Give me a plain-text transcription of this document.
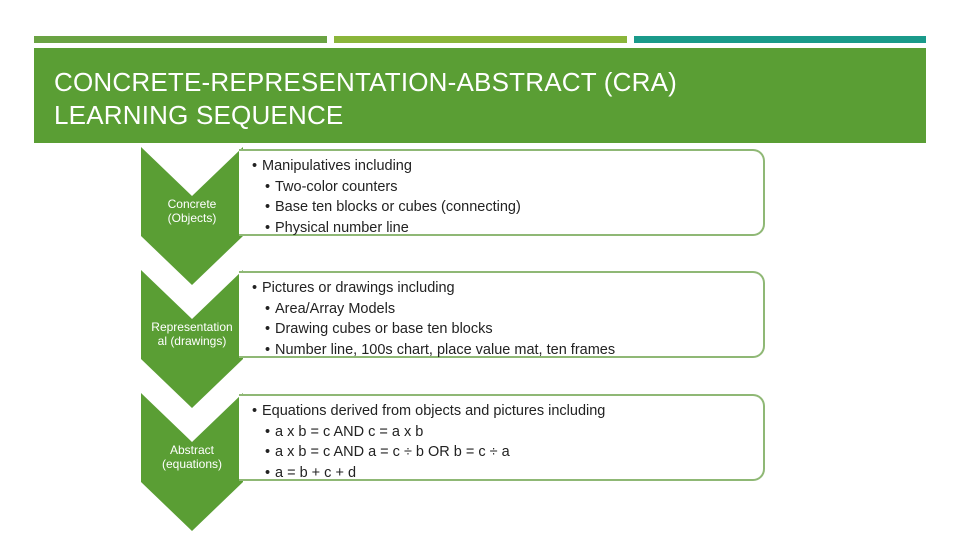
CONCRETE-REPRESENTATION-ABSTRACT (CRA)
LEARNING SEQUENCE
Concrete
(Objects)
• Manipulatives including
• Two-color counters
• Base ten blocks or cubes (connecting)
• Physical number line
Representation
al (drawings)
• Pictures or drawings including
• Area/Array Models
• Drawing cubes or base ten blocks
• Number line, 100s chart, place value mat, ten frames
Abstract
(equations)
• Equations derived from objects and pictures including
• a x b = c AND c = a x b
• a x b = c AND a = c ÷ b OR b = c ÷ a
• a = b + c + d
